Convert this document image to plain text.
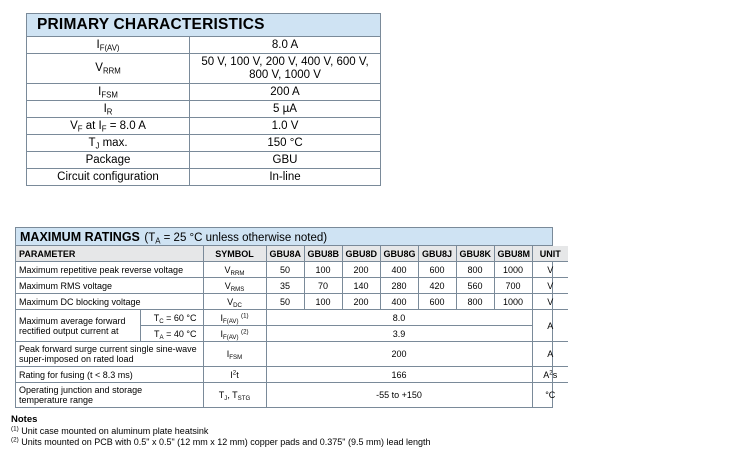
PRIMARY CHARACTERISTICS
$I_{F(AV)}$	8.0 A
$V_{RRM}$	50 V, 100 V, 200 V, 400 V, 600 V,
800 V, 1000 V
$I_{FSM}$	200 A
$I_R$	5 µA
$V_F$ at $I_F = 8.0$ A	1.0 V
$T_J$ max.	150 °C
Package	GBU
Circuit configuration	In-line
MAXIMUM RATINGS ($T_A = 25$ °C unless otherwise noted)
PARAMETER		SYMBOL	GBU8A	GBU8B	GBU8D	GBU8G	GBU8J	GBU8K	GBU8M	UNIT
Maximum repetitive peak reverse voltage		$V_{RRM}$	50	100	200	400	600	800	1000	V
Maximum RMS voltage		$V_{RMS}$	35	70	140	280	420	560	700	V
Maximum DC blocking voltage		$V_{DC}$	50	100	200	400	600	800	1000	V
Maximum average forward
rectified output current at	$T_C = 60$ °C	$I_{F(AV)}$ $^{(1)}$	8.0							A
	$T_A = 40$ °C	$I_{F(AV)}$ $^{(2)}$	3.9							
Peak forward surge current single sine-wave
super-imposed on rated load		$I_{FSM}$	200							A
Rating for fusing (t < 8.3 ms)		$I^2t$	166							$A^2s$
Operating junction and storage
temperature range		$T_J$, $T_{STG}$	-55 to +150							°C
Notes
$^{(1)}$ Unit case mounted on aluminum plate heatsink
$^{(2)}$ Units mounted on PCB with 0.5" x 0.5" (12 mm x 12 mm) copper pads and 0.375" (9.5 mm) lead length
